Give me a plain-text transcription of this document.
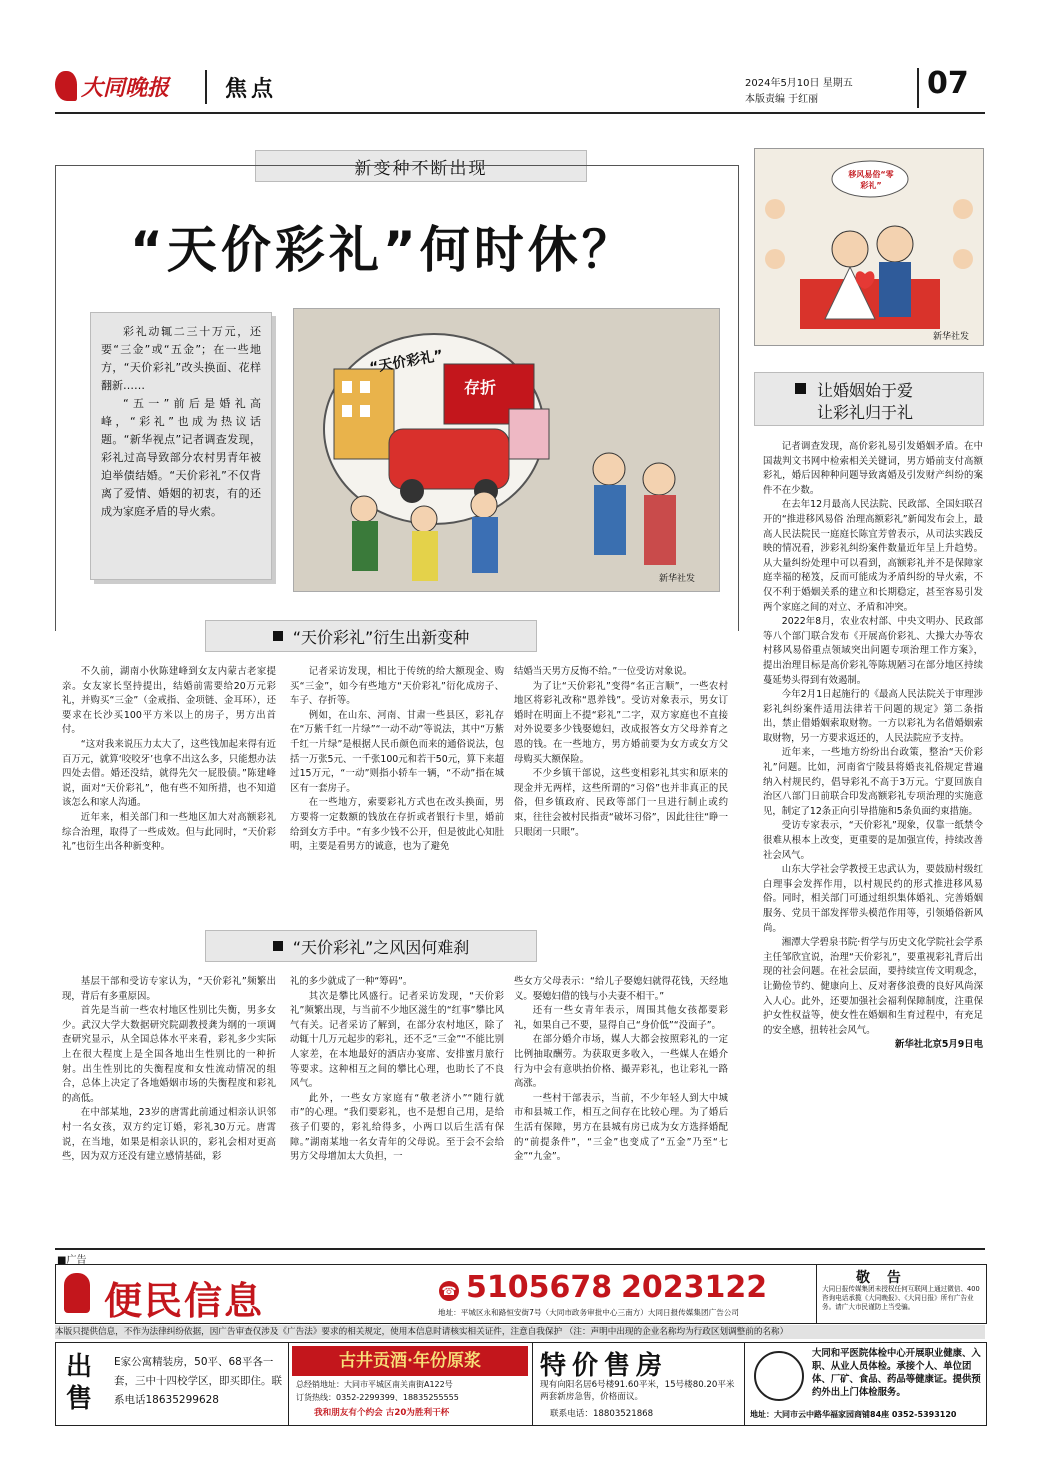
大同晚报	焦点	2024年5月10日 星期五
本版责编 于红丽	07
新变种不断出现
“天价彩礼”何时休？

彩礼动辄二三十万元，还要“三金”或“五金”；在一些地方，“天价彩礼”改头换面、花样翻新……

“五一”前后是婚礼高峰，“彩礼”也成为热议话题。“新华视点”记者调查发现，彩礼过高导致部分农村男青年被迫举债结婚。“天价彩礼”不仅背离了爱情、婚姻的初衷，有的还成为家庭矛盾的导火索。

“天价彩礼”
存折
新华社发
“天价彩礼”衍生出新变种

不久前，湖南小伙陈建峰到女友内蒙古老家提亲。女友家长坚持提出，结婚前需要给20万元彩礼，并购买“三金”（金戒指、金项链、金耳环），还要求在长沙买100平方米以上的房子，男方出首付。

“这对我来说压力太大了，这些钱加起来得有近百万元，就算‘咬咬牙’也拿不出这么多，只能想办法四处去借。婚还没结，就得先欠一屁股债。”陈建峰说，面对“天价彩礼”，他有些不知所措，也不知道该怎么和家人沟通。

近年来，相关部门和一些地区加大对高额彩礼综合治理，取得了一些成效。但与此同时，“天价彩礼”也衍生出各种新变种。

记者采访发现，相比于传统的给大额现金、购买“三金”，如今有些地方“天价彩礼”衍化成房子、车子、存折等。

例如，在山东、河南、甘肃一些县区，彩礼存在“万紫千红一片绿”“一动不动”等说法，其中“万紫千红一片绿”是根据人民币颜色而来的通俗说法，包括一万张5元、一千张100元和若干50元，算下来超过15万元，“一动”则指小轿车一辆，“不动”指在城区有一套房子。

在一些地方，索要彩礼方式也在改头换面，男方要将一定数额的钱放在存折或者银行卡里，婚前给到女方手中。“有多少钱不公开，但是彼此心知肚明，主要是看男方的诚意，也为了避免

结婚当天男方反悔不给。”一位受访对象说。

为了让“天价彩礼”变得“名正言顺”，一些农村地区将彩礼改称“恩养钱”。受访对象表示，男女订婚时在明面上不提“彩礼”二字，双方家庭也不直接对外说要多少钱娶媳妇，改成报答女方父母养育之恩的钱。在一些地方，男方婚前要为女方或女方父母购买大额保险。

不少乡镇干部说，这些变相彩礼其实和原来的现金并无两样，这些所谓的“习俗”也并非真正的民俗，但乡镇政府、民政等部门一旦进行制止或约束，往往会被村民指责“破坏习俗”，因此往往“睁一只眼闭一只眼”。

“天价彩礼”之风因何难刹

基层干部和受访专家认为，“天价彩礼”频繁出现，背后有多重原因。

首先是当前一些农村地区性别比失衡，男多女少。武汉大学大数据研究院副教授龚为纲的一项调查研究显示，从全国总体水平来看，彩礼多少实际上在很大程度上是全国各地出生性别比的一种折射。出生性别比的失衡程度和女性流动情况的组合，总体上决定了各地婚姻市场的失衡程度和彩礼的高低。

在中部某地，23岁的唐霄此前通过相亲认识邻村一名女孩，双方约定订婚，彩礼30万元。唐霄说，在当地，如果是相亲认识的，彩礼会相对更高些，因为双方还没有建立感情基础，彩

礼的多少就成了一种“筹码”。

其次是攀比风盛行。记者采访发现，“天价彩礼”频繁出现，与当前不少地区滋生的“红事”攀比风气有关。记者采访了解到，在部分农村地区，除了动辄十几万元起步的彩礼，还不乏“三金”“不能比别人家差，在本地最好的酒店办宴席、安排蜜月旅行等要求。这种相互之间的攀比心理，也助长了不良风气。

此外，一些女方家庭有“敬老济小”“随行就市”的心理。“我们要彩礼，也不是想自己用，是给孩子们要的，彩礼给得多，小两口以后生活有保障。”湖南某地一名女青年的父母说。至于会不会给男方父母增加太大负担，一

些女方父母表示：“给儿子娶媳妇就得花钱，天经地义。娶媳妇借的钱与小夫妻不相干。”

还有一些女青年表示，周围其他女孩都要彩礼，如果自己不要，显得自己“身价低”“没面子”。

在部分婚介市场，媒人大都会按照彩礼的一定比例抽取酬劳。为获取更多收入，一些媒人在婚介行为中会有意哄抬价格、撮弄彩礼，也让彩礼一路高涨。

一些村干部表示，当前，不少年轻人到大中城市和县城工作，相互之间存在比较心理。为了婚后生活有保障，男方在县城有房已成为女方选择婚配的“前提条件”，“三金”也变成了“五金”乃至“七金”“九金”。

移风易俗“零彩礼”
新华社发
让婚姻始于爱
让彩礼归于礼

记者调查发现，高价彩礼易引发婚姻矛盾。在中国裁判文书网中检索相关关键词，男方婚前支付高额彩礼，婚后因种种问题导致离婚及引发财产纠纷的案件不在少数。

在去年12月最高人民法院、民政部、全国妇联召开的“推进移风易俗 治理高额彩礼”新闻发布会上，最高人民法院民一庭庭长陈宜芳曾表示，从司法实践反映的情况看，涉彩礼纠纷案件数量近年呈上升趋势。从大量纠纷处理中可以看到，高额彩礼并不是保障家庭幸福的秘笈，反而可能成为矛盾纠纷的导火索，不仅不利于婚姻关系的建立和长期稳定，甚至容易引发两个家庭之间的对立、矛盾和冲突。

2022年8月，农业农村部、中央文明办、民政部等八个部门联合发布《开展高价彩礼、大操大办等农村移风易俗重点领域突出问题专项治理工作方案》，提出治理目标是高价彩礼等陈规陋习在部分地区持续蔓延势头得到有效遏制。

今年2月1日起施行的《最高人民法院关于审理涉彩礼纠纷案件适用法律若干问题的规定》第二条指出，禁止借婚姻索取财物。一方以彩礼为名借婚姻索取财物，另一方要求返还的，人民法院应予支持。

近年来，一些地方纷纷出台政策，整治“天价彩礼”问题。比如，河南省宁陵县将婚丧礼俗规定普遍纳入村规民约，倡导彩礼不高于3万元。宁夏回族自治区八部门日前联合印发高额彩礼专项治理的实施意见，制定了12条正向引导措施和5条负面约束措施。

受访专家表示，“天价彩礼”现象，仅靠一纸禁令很难从根本上改变，更重要的是加强宣传，持续改善社会风气。

山东大学社会学教授王忠武认为，要鼓励村级红白理事会发挥作用，以村规民约的形式推进移风易俗。同时，相关部门可通过组织集体婚礼、完善婚姻服务、党员干部发挥带头模范作用等，引领婚俗新风尚。

湘潭大学碧泉书院·哲学与历史文化学院社会学系主任邹欣宜说，治理“天价彩礼”，要重视彩礼背后出现的社会问题。在社会层面，要持续宣传文明观念，让勤俭节约、健康向上、反对奢侈浪费的良好风尚深入人心。此外，还要加强社会福利保障制度，注重保护女性权益等，使女性在婚姻和生育过程中，有充足的安全感，扭转社会风气。

新华社北京5月9日电

■广告
便民信息	☎ 5105678 2023122
地址：平城区永和路恒安街7号（大同市政务审批中心三南方）大同日报传媒集团广告公司
敬 告
大同日报传媒集团未授权任何互联网上通过微信、400咨询电话承揽《大同晚报》、《大同日报》所有广告业务。请广大市民谨防上当受骗。
本版只提供信息，不作为法律纠纷依据，因广告审查仅涉及《广告法》要求的相关规定，使用本信息时请核实相关证件，注意自我保护 （注：声明中出现的企业名称均为行政区划调整前的名称）
出售
E家公寓精装房，50平、68平各一套，三中十四校学区，即买即住。联系电话18635299628
古井贡酒·年份原浆
总经销地址：大同市平城区南关南街A122号
订货热线：0352-2299399、18835255555
我和朋友有个约会 古20为胜利干杯
特价售房
现有向阳名居6号楼91.60平米，15号楼80.20平米两套新房急售，价格面议。
联系电话：18803521868
大同和平医院体检中心开展职业健康、入职、从业人员体检。承接个人、单位团体、厂矿、食品、药品等健康证。提供预约外出上门体检服务。
地址：大同市云中路华福家园商铺84座 0352-5393120
